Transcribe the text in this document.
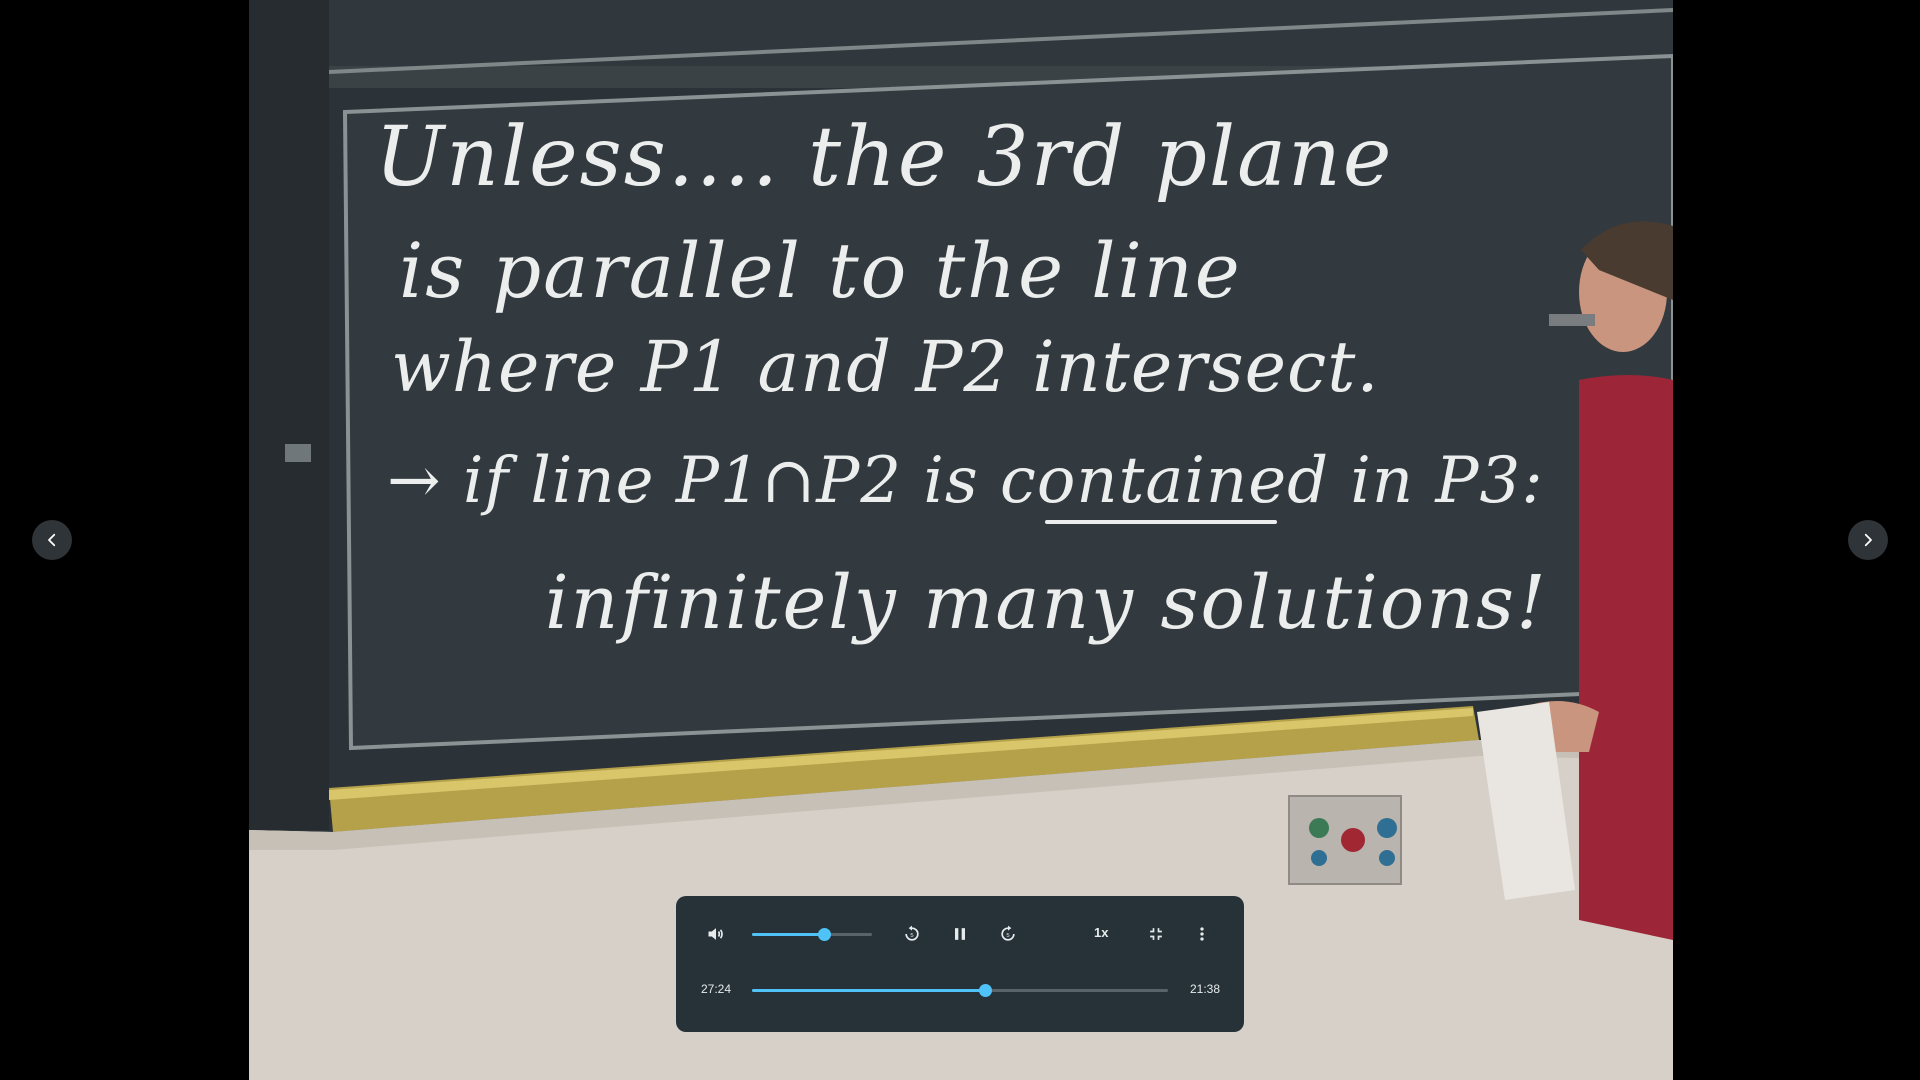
Unless.... the 3rd plane
is parallel to the line
where P1 and P2 intersect.
→ if line P1∩P2 is contained in P3:
infinitely many solutions!
5	5	1x
27:24	21:38
